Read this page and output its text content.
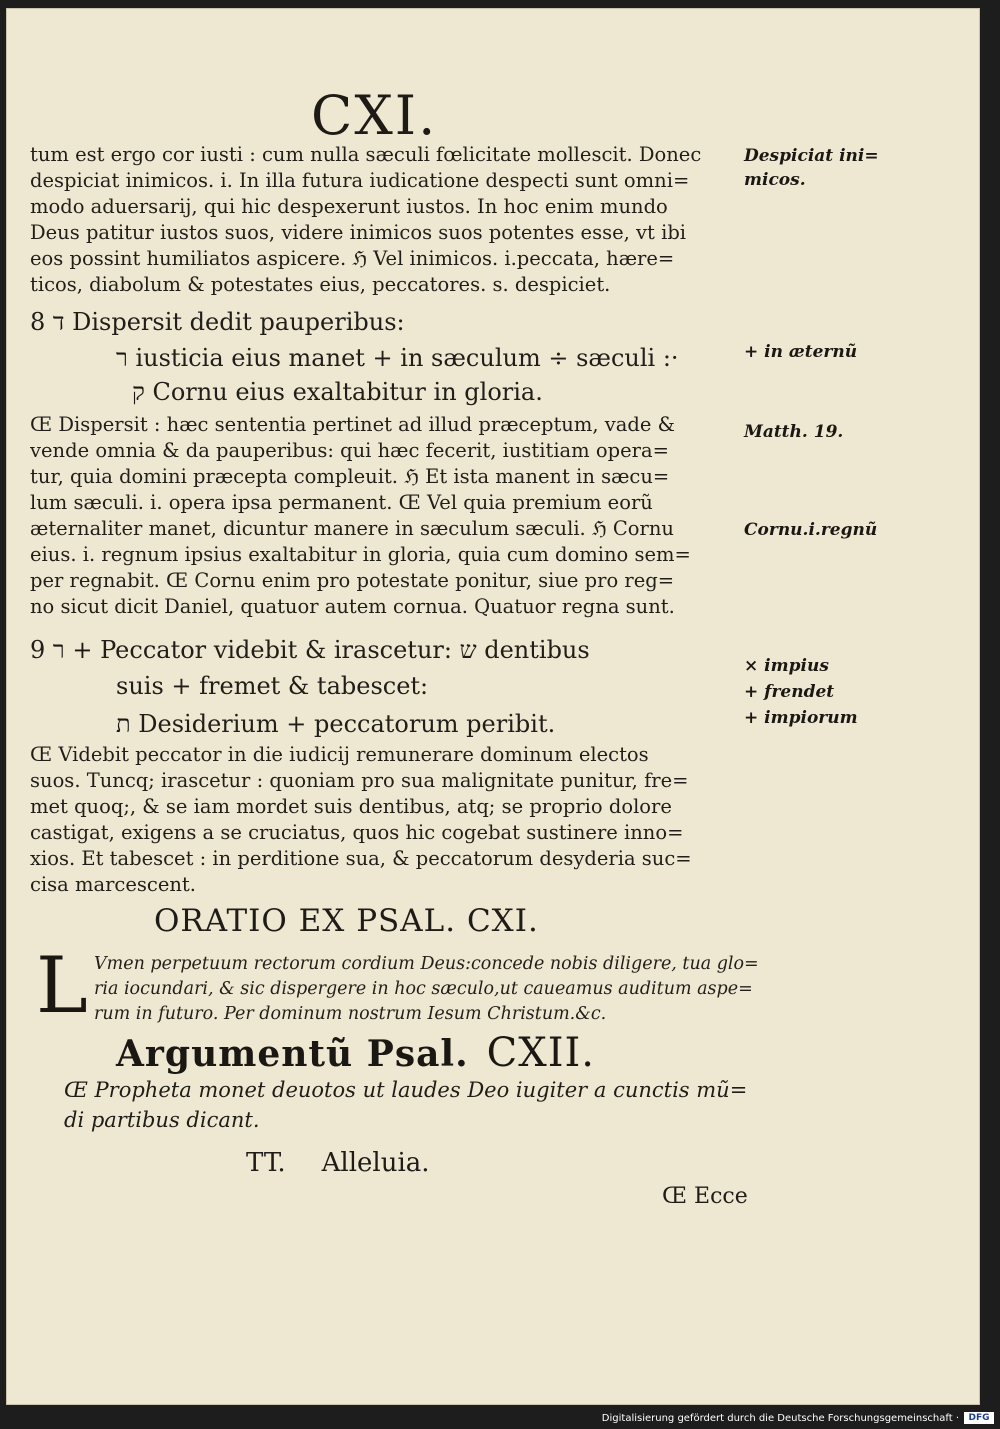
CXI.
tum est ergo cor iusti : cum nulla sæculi fœlicitate mollescit. Donec
despiciat inimicos. i. In illa futura iudicatione despecti sunt omni=
modo aduersarij, qui hic despexerunt iustos. In hoc enim mundo
Deus patitur iustos suos, videre inimicos suos potentes esse, vt ibi
eos possint humiliatos aspicere. ℌ Vel inimicos. i.peccata, hære=
ticos, diabolum & potestates eius, peccatores. s. despiciet.
8 ד Dispersit dedit pauperibus:
ר iusticia eius manet + in sæculum ÷ sæculi :·
ק Cornu eius exaltabitur in gloria.
Œ Dispersit : hæc sententia pertinet ad illud præceptum, vade &
vende omnia & da pauperibus: qui hæc fecerit, iustitiam opera=
tur, quia domini præcepta compleuit. ℌ Et ista manent in sæcu=
lum sæculi. i. opera ipsa permanent. Œ Vel quia premium eorũ
æternaliter manet, dicuntur manere in sæculum sæculi. ℌ Cornu
eius. i. regnum ipsius exaltabitur in gloria, quia cum domino sem=
per regnabit. Œ Cornu enim pro potestate ponitur, siue pro reg=
no sicut dicit Daniel, quatuor autem cornua. Quatuor regna sunt.
9 ר + Peccator videbit & irascetur: ש dentibus
suis + fremet & tabescet:
ת Desiderium + peccatorum peribit.
Œ Videbit peccator in die iudicij remunerare dominum electos
suos. Tuncq; irascetur : quoniam pro sua malignitate punitur, fre=
met quoq;, & se iam mordet suis dentibus, atq; se proprio dolore
castigat, exigens a se cruciatus, quos hic cogebat sustinere inno=
xios. Et tabescet : in perditione sua, & peccatorum desyderia suc=
cisa marcescent.
ORATIO EX PSAL. CXI.
L Vmen perpetuum rectorum cordium Deus:concede nobis diligere, tua glo=
ria iocundari, & sic dispergere in hoc sæculo,ut caueamus auditum aspe=
rum in futuro. Per dominum nostrum Iesum Christum.&c.
Argumentũ Psal. CXII.
Œ Propheta monet deuotos ut laudes Deo iugiter a cunctis mũ=
di partibus dicant.
TT. Alleluia.
Œ Ecce
Despiciat ini=
micos.
+ in æternũ
Matth. 19.
Cornu.i.regnũ
× impius
+ frendet
+ impiorum
Digitalisierung gefördert durch die Deutsche Forschungsgemeinschaft ·	DFG
